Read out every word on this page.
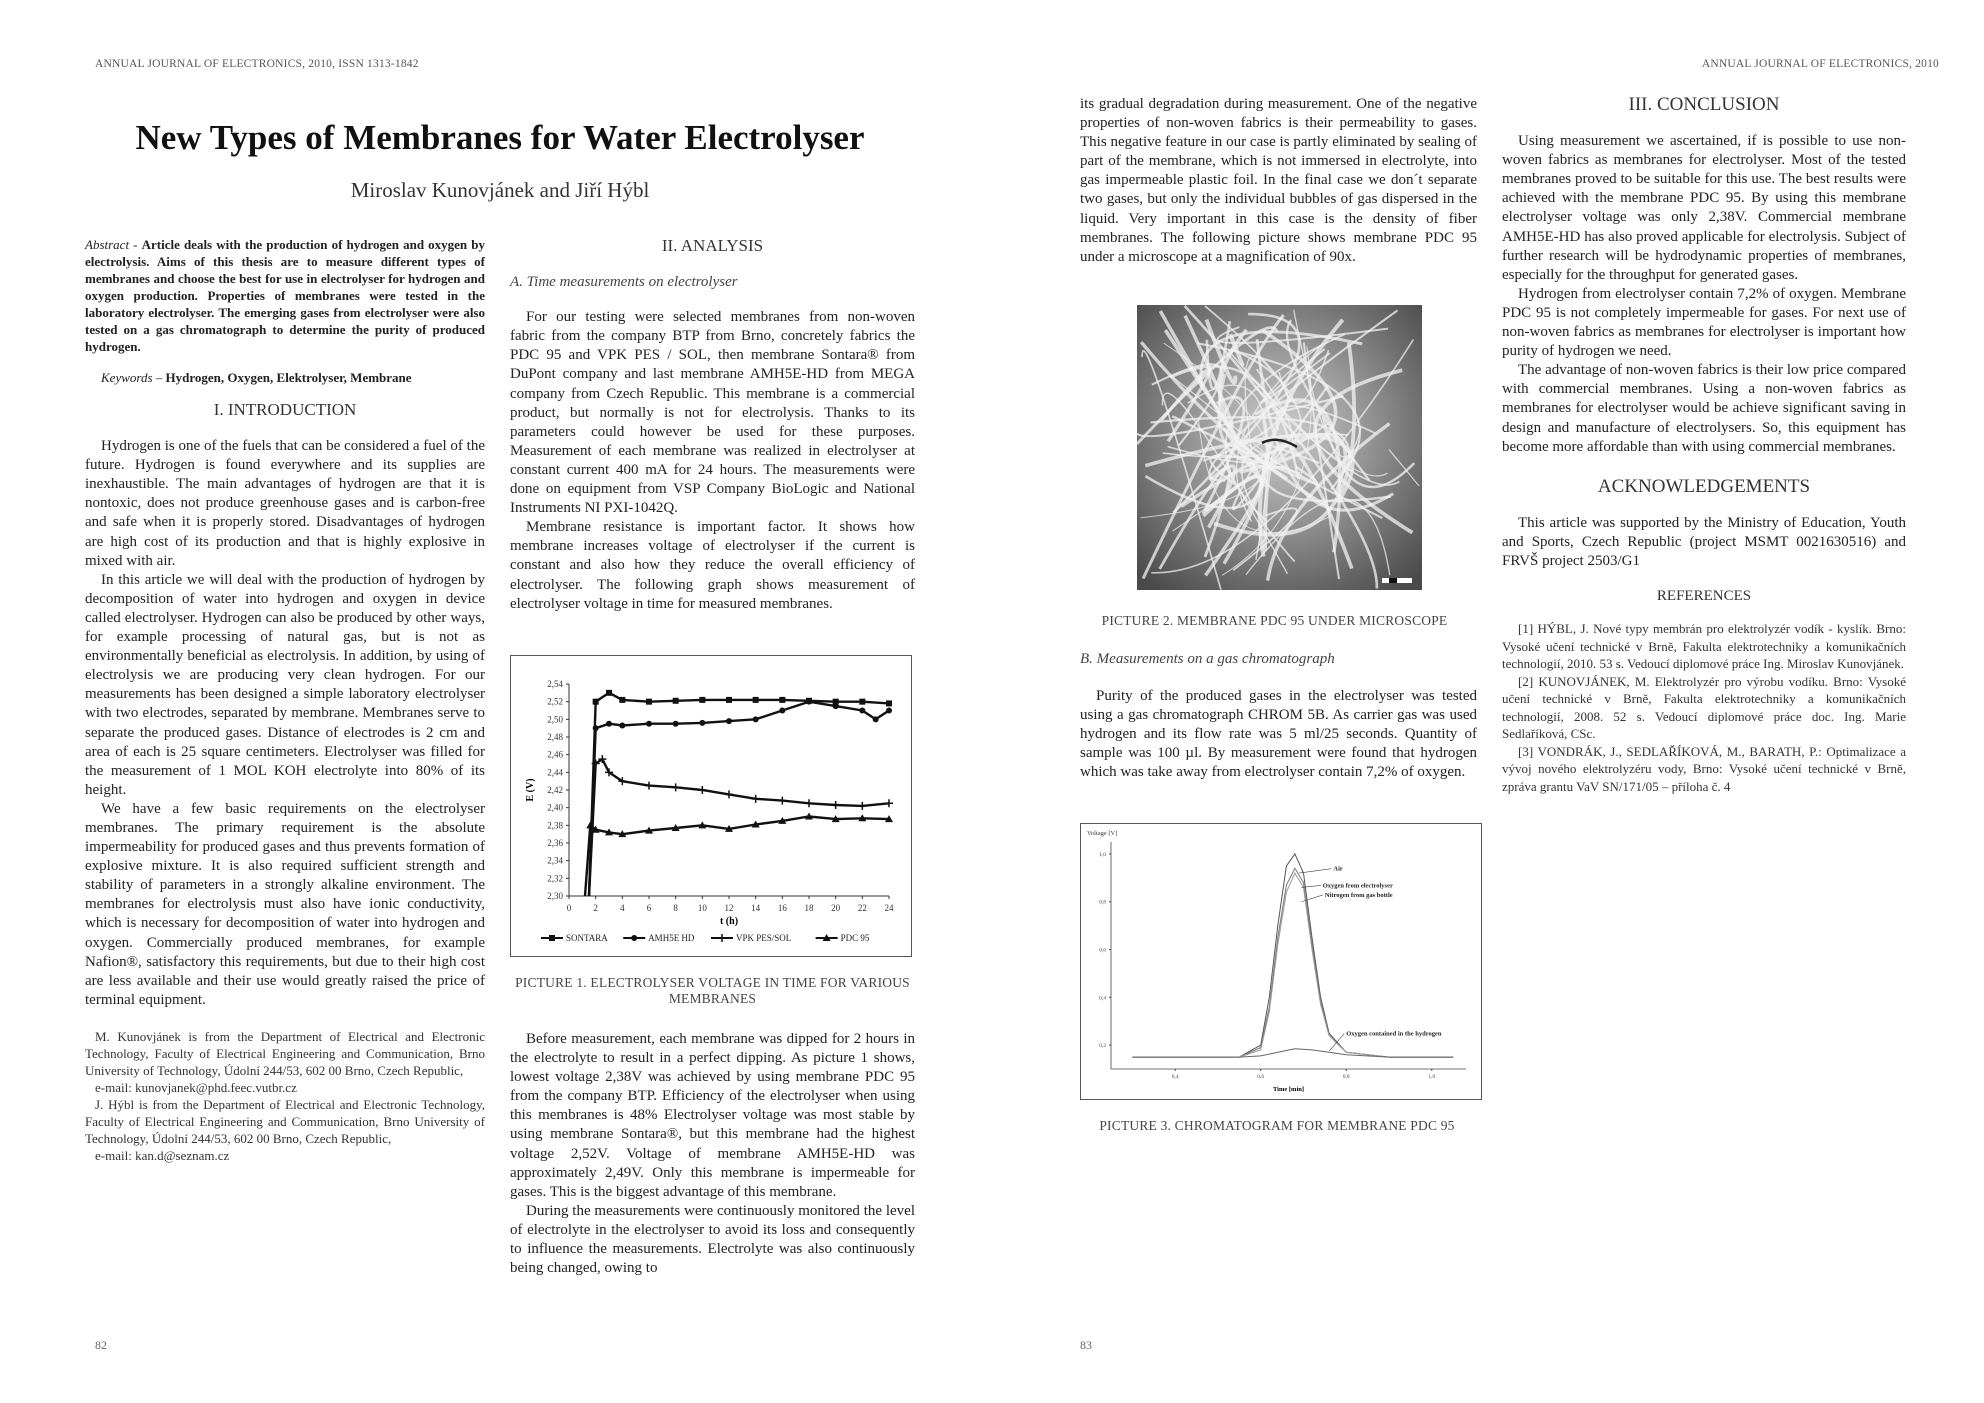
ANNUAL JOURNAL OF ELECTRONICS, 2010, ISSN 1313-1842
New Types of Membranes for Water Electrolyser
Miroslav Kunovjánek and Jiří Hýbl
Abstract - Article deals with the production of hydrogen and oxygen by electrolysis. Aims of this thesis are to measure different types of membranes and choose the best for use in electrolyser for hydrogen and oxygen production. Properties of membranes were tested in the laboratory electrolyser. The emerging gases from electrolyser were also tested on a gas chromatograph to determine the purity of produced hydrogen.
Keywords – Hydrogen, Oxygen, Elektrolyser, Membrane
I. INTRODUCTION

Hydrogen is one of the fuels that can be considered a fuel of the future. Hydrogen is found everywhere and its supplies are inexhaustible. The main advantages of hydrogen are that it is nontoxic, does not produce greenhouse gases and is carbon-free and safe when it is properly stored. Disadvantages of hydrogen are high cost of its production and that is highly explosive in mixed with air.

In this article we will deal with the production of hydrogen by decomposition of water into hydrogen and oxygen in device called electrolyser. Hydrogen can also be produced by other ways, for example processing of natural gas, but is not as environmentally beneficial as electrolysis. In addition, by using of electrolysis we are producing very clean hydrogen. For our measurements has been designed a simple laboratory electrolyser with two electrodes, separated by membrane. Membranes serve to separate the produced gases. Distance of electrodes is 2 cm and area of each is 25 square centimeters. Electrolyser was filled for the measurement of 1 MOL KOH electrolyte into 80% of its height.

We have a few basic requirements on the electrolyser membranes. The primary requirement is the absolute impermeability for produced gases and thus prevents formation of explosive mixture. It is also required sufficient strength and stability of parameters in a strongly alkaline environment. The membranes for electrolysis must also have ionic conductivity, which is necessary for decomposition of water into hydrogen and oxygen. Commercially produced membranes, for example Nafion®, satisfactory this requirements, but due to their high cost are less available and their use would greatly raised the price of terminal equipment.

M. Kunovjánek is from the Department of Electrical and Electronic Technology, Faculty of Electrical Engineering and Communication, Brno University of Technology, Údolní 244/53, 602 00 Brno, Czech Republic,

e-mail: kunovjanek@phd.feec.vutbr.cz

J. Hýbl is from the Department of Electrical and Electronic Technology, Faculty of Electrical Engineering and Communication, Brno University of Technology, Údolní 244/53, 602 00 Brno, Czech Republic,

e-mail: kan.d@seznam.cz

II. ANALYSIS
A. Time measurements on electrolyser

For our testing were selected membranes from non-woven fabric from the company BTP from Brno, concretely fabrics the PDC 95 and VPK PES / SOL, then membrane Sontara® from DuPont company and last membrane AMH5E-HD from MEGA company from Czech Republic. This membrane is a commercial product, but normally is not for electrolysis. Thanks to its parameters could however be used for these purposes. Measurement of each membrane was realized in electrolyser at constant current 400 mA for 24 hours. The measurements were done on equipment from VSP Company BioLogic and National Instruments NI PXI-1042Q.

Membrane resistance is important factor. It shows how membrane increases voltage of electrolyser if the current is constant and also how they reduce the overall efficiency of electrolyser. The following graph shows measurement of electrolyser voltage in time for measured membranes.

2,30
2,32
2,34
2,36
2,38
2,40
2,42
2,44
2,46
2,48
2,50
2,52
2,54
0 2 4 6 8 10 12 14 16 18 20 22 24
t (h)
E (V)
SONTARA	AMH5E HD	VPK PES/SOL	PDC 95
PICTURE 1. ELECTROLYSER VOLTAGE IN TIME FOR VARIOUS MEMBRANES

Before measurement, each membrane was dipped for 2 hours in the electrolyte to result in a perfect dipping. As picture 1 shows, lowest voltage 2,38V was achieved by using membrane PDC 95 from the company BTP. Efficiency of the electrolyser when using this membranes is 48% Electrolyser voltage was most stable by using membrane Sontara®, but this membrane had the highest voltage 2,52V. Voltage of membrane AMH5E-HD was approximately 2,49V. Only this membrane is impermeable for gases. This is the biggest advantage of this membrane.

During the measurements were continuously monitored the level of electrolyte in the electrolyser to avoid its loss and consequently to influence the measurements. Electrolyte was also continuously being changed, owing to

82
ANNUAL JOURNAL OF ELECTRONICS, 2010

its gradual degradation during measurement. One of the negative properties of non-woven fabrics is their permeability to gases. This negative feature in our case is partly eliminated by sealing of part of the membrane, which is not immersed in electrolyte, into gas impermeable plastic foil. In the final case we don´t separate two gases, but only the individual bubbles of gas dispersed in the liquid. Very important in this case is the density of fiber membranes. The following picture shows membrane PDC 95 under a microscope at a magnification of 90x.

PICTURE 2. MEMBRANE PDC 95 UNDER MICROSCOPE
B. Measurements on a gas chromatograph

Purity of the produced gases in the electrolyser was tested using a gas chromatograph CHROM 5B. As carrier gas was used hydrogen and its flow rate was 5 ml/25 seconds. Quantity of sample was 100 µl. By measurement were found that hydrogen which was take away from electrolyser contain 7,2% of oxygen.

Voltage [V]
1,0
0,8
0,6
0,4
0,2
0,4	0,6	0,8	1,0
Time [min]
Air
Oxygen from electrolyser
Nitrogen from gas bottle
Oxygen contained in the hydrogen
PICTURE 3. CHROMATOGRAM FOR MEMBRANE PDC 95
III. CONCLUSION

Using measurement we ascertained, if is possible to use non-woven fabrics as membranes for electrolyser. Most of the tested membranes proved to be suitable for this use. The best results were achieved with the membrane PDC 95. By using this membrane electrolyser voltage was only 2,38V. Commercial membrane AMH5E-HD has also proved applicable for electrolysis. Subject of further research will be hydrodynamic properties of membranes, especially for the throughput for generated gases.

Hydrogen from electrolyser contain 7,2% of oxygen. Membrane PDC 95 is not completely impermeable for gases. For next use of non-woven fabrics as membranes for electrolyser is important how purity of hydrogen we need.

The advantage of non-woven fabrics is their low price compared with commercial membranes. Using a non-woven fabrics as membranes for electrolyser would be achieve significant saving in design and manufacture of electrolysers. So, this equipment has become more affordable than with using commercial membranes.

ACKNOWLEDGEMENTS

This article was supported by the Ministry of Education, Youth and Sports, Czech Republic (project MSMT 0021630516) and FRVŠ project 2503/G1

REFERENCES

[1] HÝBL, J. Nové typy membrán pro elektrolyzér vodík - kyslík. Brno: Vysoké učení technické v Brně, Fakulta elektrotechniky a komunikačních technologií, 2010. 53 s. Vedoucí diplomové práce Ing. Miroslav Kunovjánek.

[2] KUNOVJÁNEK, M. Elektrolyzér pro výrobu vodíku. Brno: Vysoké učení technické v Brně, Fakulta elektrotechniky a komunikačních technologií, 2008. 52 s. Vedoucí diplomové práce doc. Ing. Marie Sedlaříková, CSc.

[3] VONDRÁK, J., SEDLAŘÍKOVÁ, M., BARATH, P.: Optimalizace a vývoj nového elektrolyzéru vody, Brno: Vysoké učení technické v Brně, zpráva grantu VaV SN/171/05 – příloha č. 4

83
